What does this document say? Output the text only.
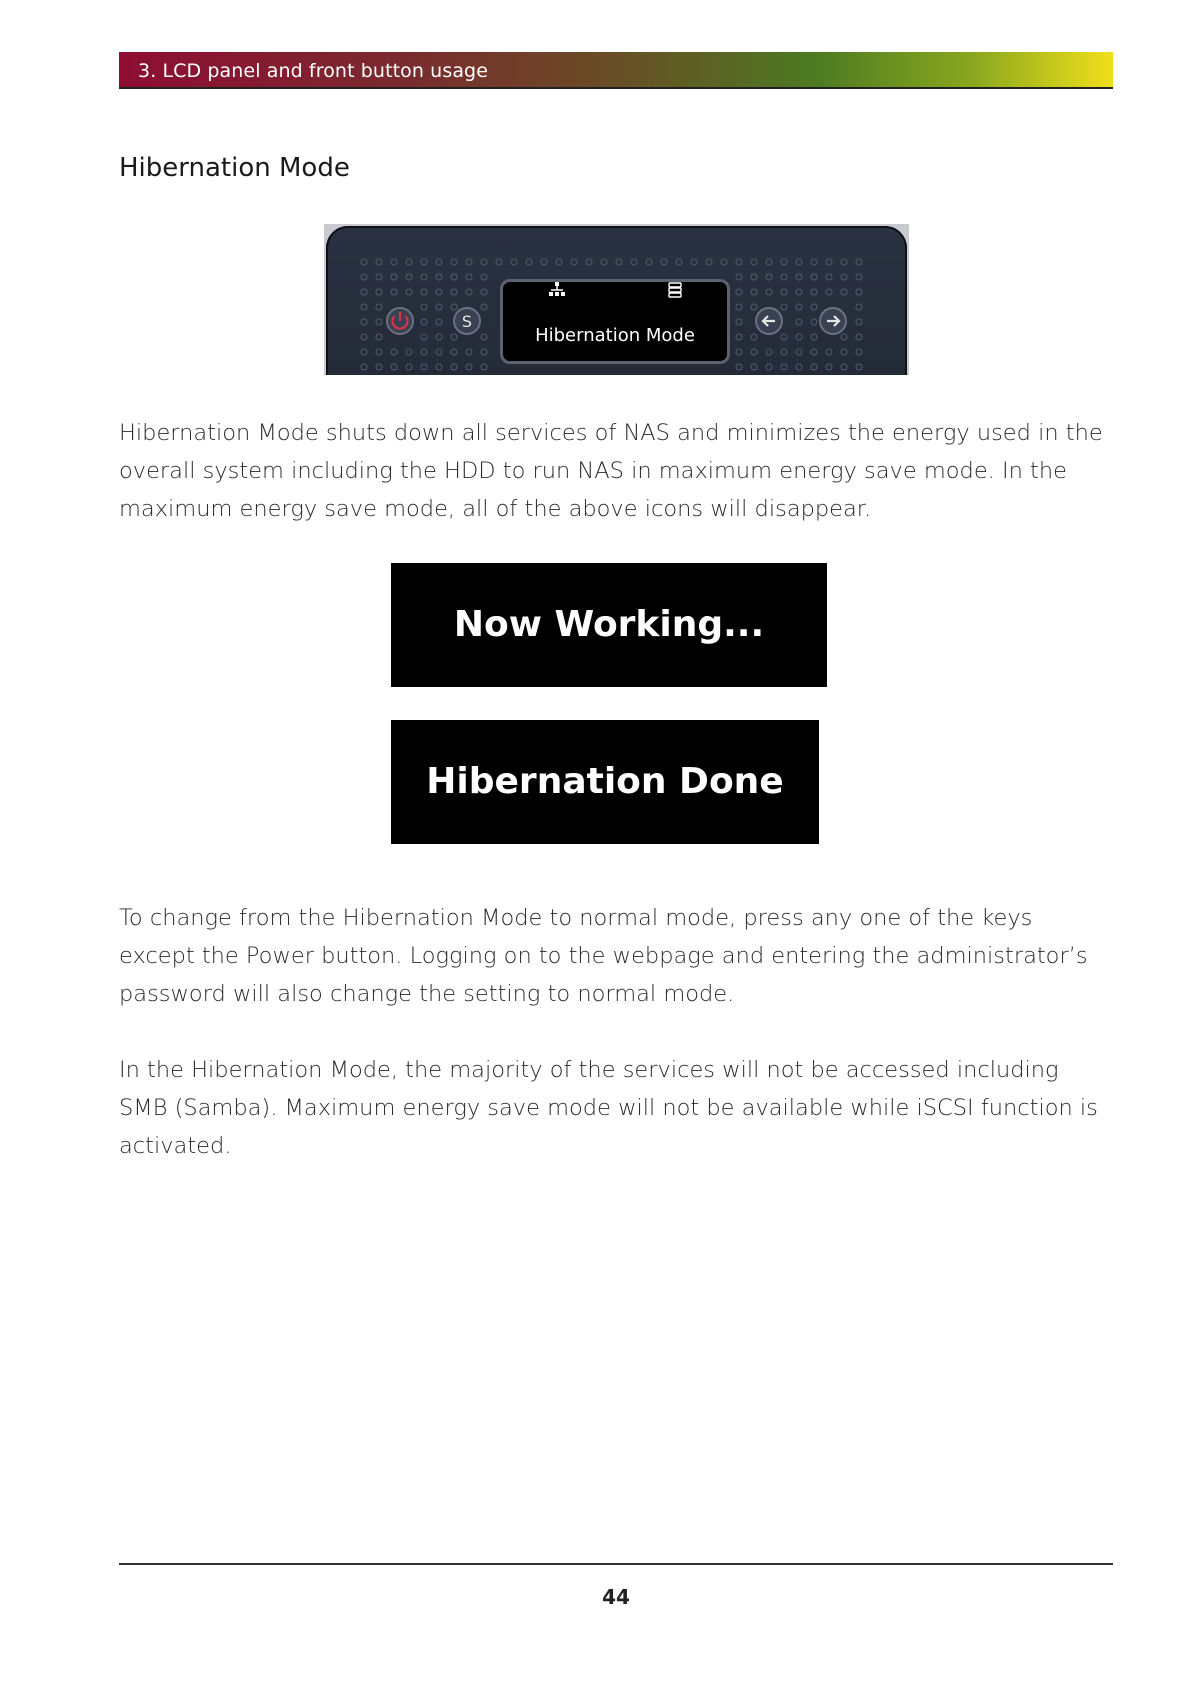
3. LCD panel and front button usage
Hibernation Mode
S
Hibernation Mode

Hibernation Mode shuts down all services of NAS and minimizes the energy used in the overall system including the HDD to run NAS in maximum energy save mode. In the maximum energy save mode, all of the above icons will disappear.

Now Working...
Hibernation Done

To change from the Hibernation Mode to normal mode, press any one of the keys except the Power button. Logging on to the webpage and entering the administrator’s password will also change the setting to normal mode.

In the Hibernation Mode, the majority of the services will not be accessed including SMB (Samba). Maximum energy save mode will not be available while iSCSI function is activated.

44
